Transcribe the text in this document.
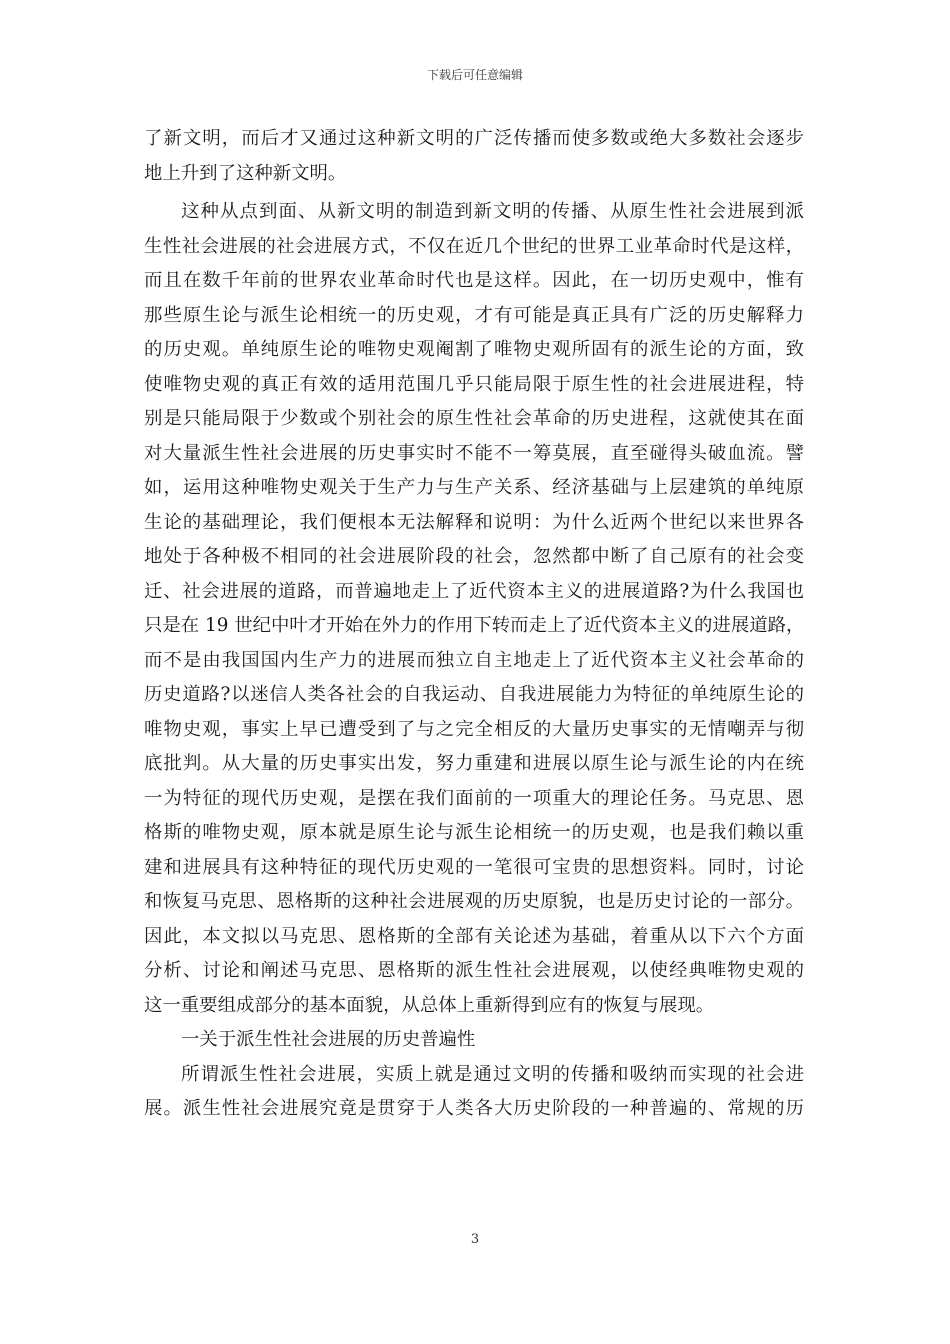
下载后可任意编辑
了新文明，而后才又通过这种新文明的广泛传播而使多数或绝大多数社会逐步
地上升到了这种新文明。
这种从点到面、从新文明的制造到新文明的传播、从原生性社会进展到派
生性社会进展的社会进展方式，不仅在近几个世纪的世界工业革命时代是这样，
而且在数千年前的世界农业革命时代也是这样。因此，在一切历史观中，惟有
那些原生论与派生论相统一的历史观，才有可能是真正具有广泛的历史解释力
的历史观。单纯原生论的唯物史观阉割了唯物史观所固有的派生论的方面，致
使唯物史观的真正有效的适用范围几乎只能局限于原生性的社会进展进程，特
别是只能局限于少数或个别社会的原生性社会革命的历史进程，这就使其在面
对大量派生性社会进展的历史事实时不能不一筹莫展，直至碰得头破血流。譬
如，运用这种唯物史观关于生产力与生产关系、经济基础与上层建筑的单纯原
生论的基础理论，我们便根本无法解释和说明：为什么近两个世纪以来世界各
地处于各种极不相同的社会进展阶段的社会，忽然都中断了自己原有的社会变
迁、社会进展的道路，而普遍地走上了近代资本主义的进展道路?为什么我国也
只是在 19 世纪中叶才开始在外力的作用下转而走上了近代资本主义的进展道路，
而不是由我国国内生产力的进展而独立自主地走上了近代资本主义社会革命的
历史道路?以迷信人类各社会的自我运动、自我进展能力为特征的单纯原生论的
唯物史观，事实上早已遭受到了与之完全相反的大量历史事实的无情嘲弄与彻
底批判。从大量的历史事实出发，努力重建和进展以原生论与派生论的内在统
一为特征的现代历史观，是摆在我们面前的一项重大的理论任务。马克思、恩
格斯的唯物史观，原本就是原生论与派生论相统一的历史观，也是我们赖以重
建和进展具有这种特征的现代历史观的一笔很可宝贵的思想资料。同时，讨论
和恢复马克思、恩格斯的这种社会进展观的历史原貌，也是历史讨论的一部分。
因此，本文拟以马克思、恩格斯的全部有关论述为基础，着重从以下六个方面
分析、讨论和阐述马克思、恩格斯的派生性社会进展观，以使经典唯物史观的
这一重要组成部分的基本面貌，从总体上重新得到应有的恢复与展现。
一关于派生性社会进展的历史普遍性
所谓派生性社会进展，实质上就是通过文明的传播和吸纳而实现的社会进
展。派生性社会进展究竟是贯穿于人类各大历史阶段的一种普遍的、常规的历
3
